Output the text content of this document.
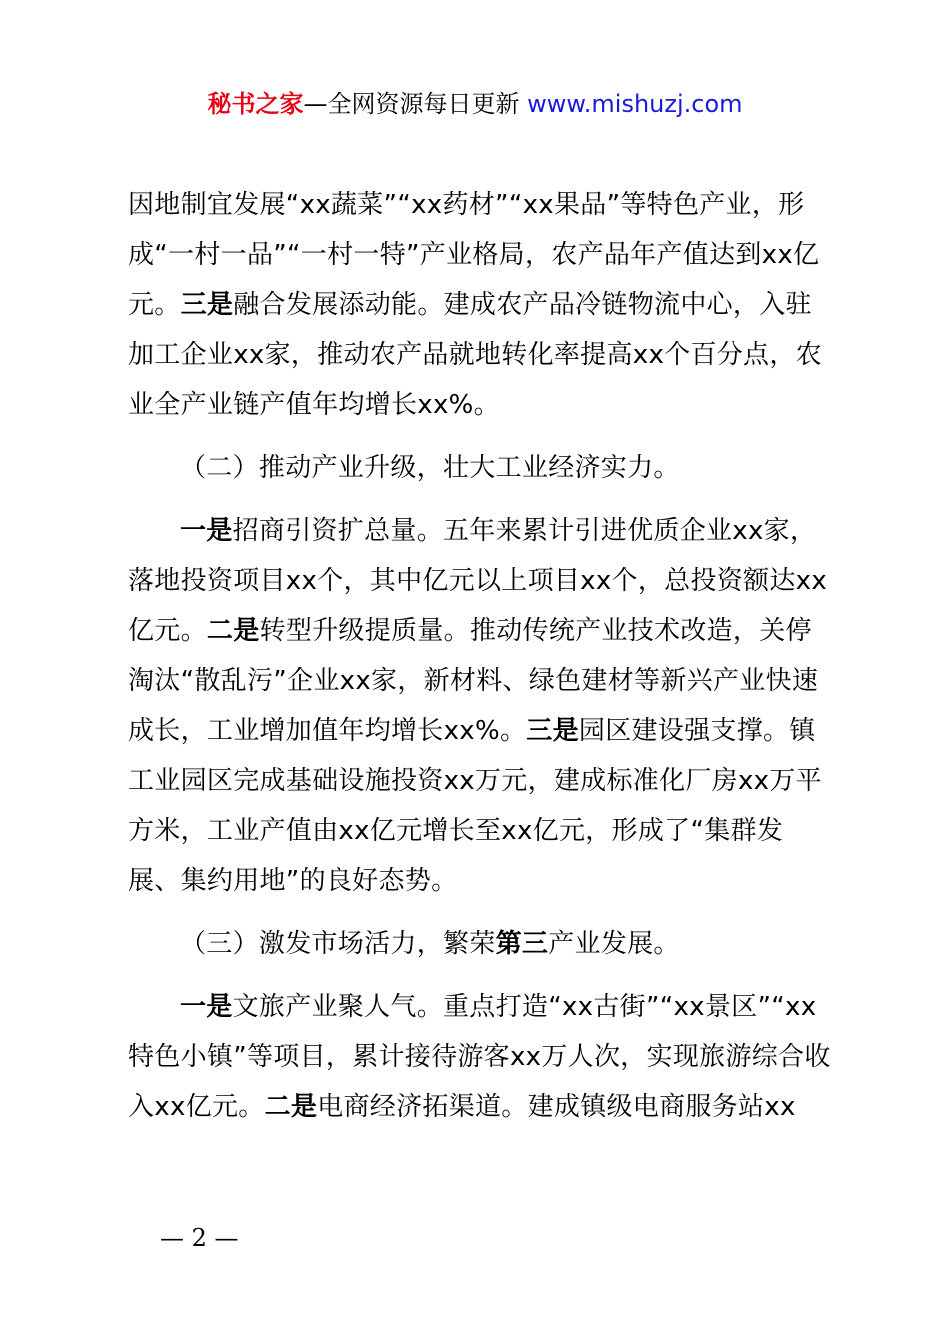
秘书之家—全网资源每日更新 www.mishuzj.com

因地制宜发展“xx蔬菜”“xx药材”“xx果品”等特色产业，形成“一村一品”“一村一特”产业格局，农产品年产值达到xx亿元。三是融合发展添动能。建成农产品冷链物流中心，入驻加工企业xx家，推动农产品就地转化率提高xx个百分点，农业全产业链产值年均增长xx%。

（二）推动产业升级，壮大工业经济实力。

一是招商引资扩总量。五年来累计引进优质企业xx家，落地投资项目xx个，其中亿元以上项目xx个，总投资额达xx亿元。二是转型升级提质量。推动传统产业技术改造，关停淘汰“散乱污”企业xx家，新材料、绿色建材等新兴产业快速成长，工业增加值年均增长xx%。三是园区建设强支撑。镇工业园区完成基础设施投资xx万元，建成标准化厂房xx万平方米，工业产值由xx亿元增长至xx亿元，形成了“集群发展、集约用地”的良好态势。

（三）激发市场活力，繁荣第三产业发展。

一是文旅产业聚人气。重点打造“xx古街”“xx景区”“xx特色小镇”等项目，累计接待游客xx万人次，实现旅游综合收入xx亿元。二是电商经济拓渠道。建成镇级电商服务站xx

— 2 —
